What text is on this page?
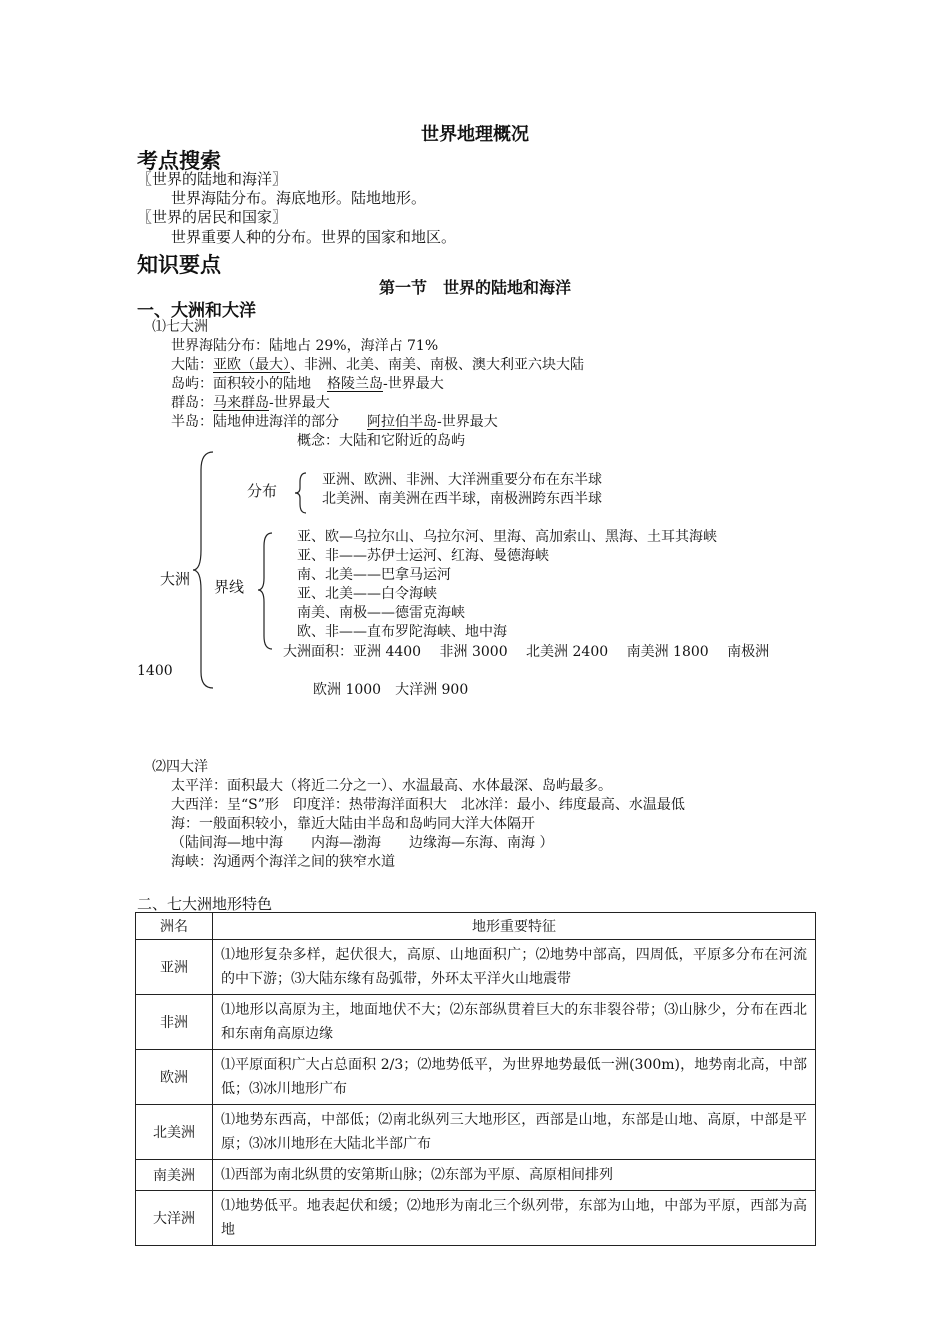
世界地理概况
考点搜索
〖世界的陆地和海洋〗
世界海陆分布。海底地形。陆地地形。
〖世界的居民和国家〗
世界重要人种的分布。世界的国家和地区。
知识要点
第一节　世界的陆地和海洋
一、大洲和大洋
⑴七大洲
世界海陆分布：陆地占 29%，海洋占 71%
大陆：亚欧（最大）、非洲、北美、南美、南极、澳大利亚六块大陆
岛屿：面积较小的陆地 格陵兰岛-世界最大
群岛：马来群岛-世界最大
半岛：陆地伸进海洋的部分 阿拉伯半岛-世界最大
概念：大陆和它附近的岛屿
大洲
分布
亚洲、欧洲、非洲、大洋洲重要分布在东半球
北美洲、南美洲在西半球，南极洲跨东西半球
界线
亚、欧—乌拉尔山、乌拉尔河、里海、高加索山、黑海、土耳其海峡
亚、非——苏伊士运河、红海、曼德海峡
南、北美——巴拿马运河
亚、北美——白令海峡
南美、南极——德雷克海峡
欧、非——直布罗陀海峡、地中海
大洲面积：亚洲 4400　 非洲 3000　 北美洲 2400　 南美洲 1800　 南极洲
1400
欧洲 1000　大洋洲 900
⑵四大洋
太平洋：面积最大（将近二分之一）、水温最高、水体最深、岛屿最多。
大西洋：呈“S”形　印度洋：热带海洋面积大　北冰洋：最小、纬度最高、水温最低
海：一般面积较小，靠近大陆由半岛和岛屿同大洋大体隔开
（陆间海—地中海　　内海—渤海　　边缘海—东海、南海 ）
海峡：沟通两个海洋之间的狭窄水道
二、七大洲地形特色
洲名	地形重要特征
亚洲	⑴地形复杂多样，起伏很大，高原、山地面积广；⑵地势中部高，四周低，平原多分布在河流的中下游；⑶大陆东缘有岛弧带，外环太平洋火山地震带
非洲	⑴地形以高原为主，地面地伏不大；⑵东部纵贯着巨大的东非裂谷带；⑶山脉少，分布在西北和东南角高原边缘
欧洲	⑴平原面积广大占总面积 2/3；⑵地势低平，为世界地势最低一洲(300m)，地势南北高，中部低；⑶冰川地形广布
北美洲	⑴地势东西高，中部低；⑵南北纵列三大地形区，西部是山地，东部是山地、高原，中部是平原；⑶冰川地形在大陆北半部广布
南美洲	⑴西部为南北纵贯的安第斯山脉；⑵东部为平原、高原相间排列
大洋洲	⑴地势低平。地表起伏和缓；⑵地形为南北三个纵列带，东部为山地，中部为平原，西部为高地
